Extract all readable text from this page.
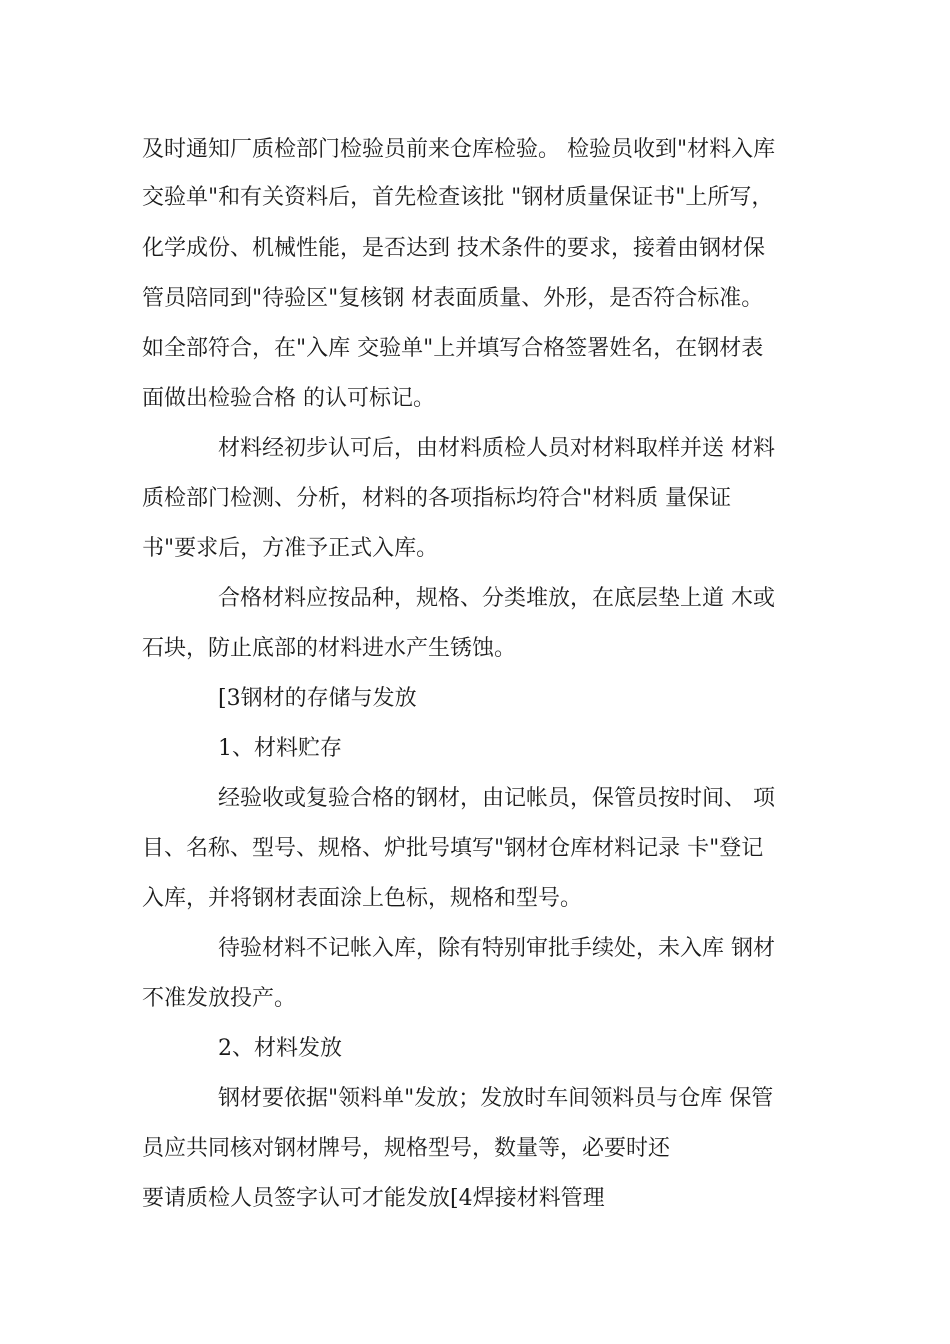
及时通知厂质检部门检验员前来仓库检验。 检验员收到"材料入库
交验单"和有关资料后，首先检查该批 "钢材质量保证书"上所写，
化学成份、机械性能，是否达到 技术条件的要求，接着由钢材保
管员陪同到"待验区"复核钢 材表面质量、外形，是否符合标准。
如全部符合，在"入库 交验单"上并填写合格签署姓名，在钢材表
面做出检验合格 的认可标记。
材料经初步认可后，由材料质检人员对材料取样并送 材料
质检部门检测、分析，材料的各项指标均符合"材料质 量保证
书"要求后，方准予正式入库。
合格材料应按品种，规格、分类堆放，在底层垫上道 木或
石块，防止底部的材料进水产生锈蚀。
[3钢材的存储与发放
1、材料贮存
经验收或复验合格的钢材，由记帐员，保管员按时间、 项
目、名称、型号、规格、炉批号填写"钢材仓库材料记录 卡"登记
入库，并将钢材表面涂上色标，规格和型号。
待验材料不记帐入库，除有特别审批手续处，未入库 钢材
不准发放投产。
2、材料发放
钢材要依据"领料单"发放；发放时车间领料员与仓库 保管
员应共同核对钢材牌号，规格型号，数量等，必要时还
要请质检人员签字认可才能发放[4焊接材料管理
